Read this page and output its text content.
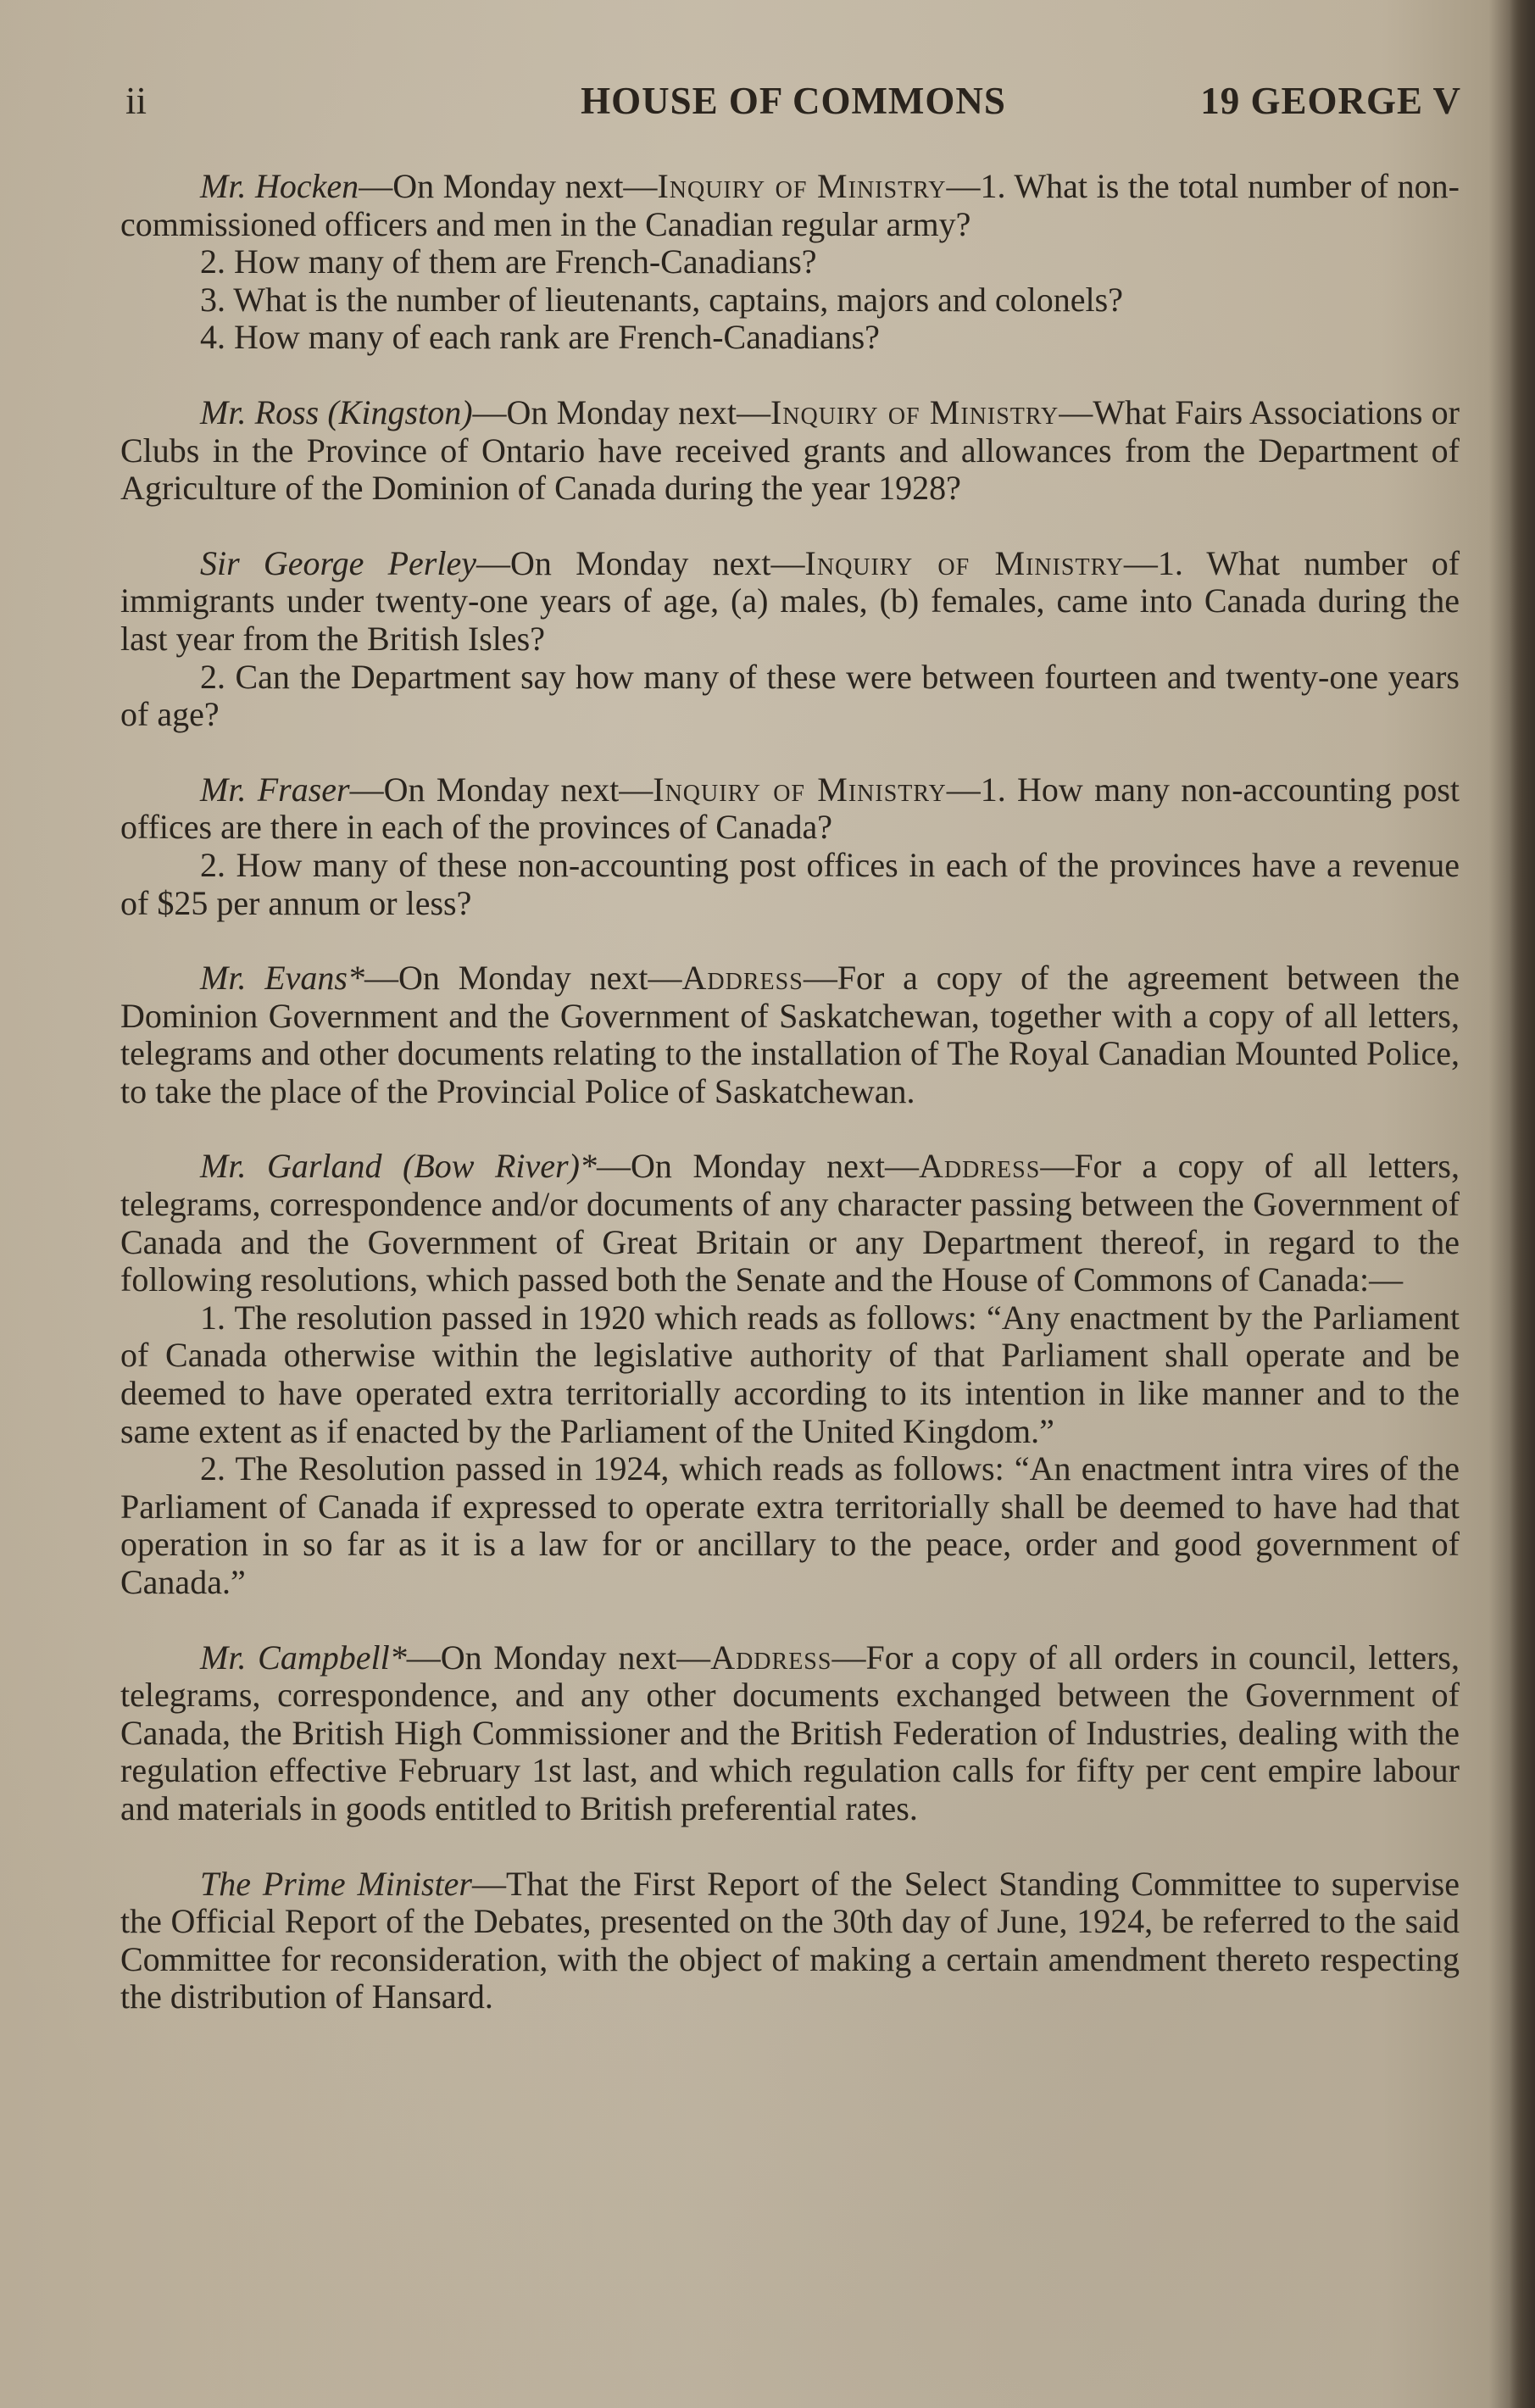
ii	HOUSE OF COMMONS	19 GEORGE V

Mr. Hocken—On Monday next—Inquiry of Ministry—1. What is the total number of non-commissioned officers and men in the Canadian regular army?

2. How many of them are French-Canadians?

3. What is the number of lieutenants, captains, majors and colonels?

4. How many of each rank are French-Canadians?

Mr. Ross (Kingston)—On Monday next—Inquiry of Ministry—What Fairs Associations or Clubs in the Province of Ontario have received grants and allowances from the Department of Agriculture of the Dominion of Canada during the year 1928?

Sir George Perley—On Monday next—Inquiry of Ministry—1. What number of immigrants under twenty-one years of age, (a) males, (b) females, came into Canada during the last year from the British Isles?

2. Can the Department say how many of these were between fourteen and twenty-one years of age?

Mr. Fraser—On Monday next—Inquiry of Ministry—1. How many non-accounting post offices are there in each of the provinces of Canada?

2. How many of these non-accounting post offices in each of the provinces have a revenue of $25 per annum or less?

Mr. Evans*—On Monday next—Address—For a copy of the agreement between the Dominion Government and the Government of Saskatchewan, together with a copy of all letters, telegrams and other documents relating to the installation of The Royal Canadian Mounted Police, to take the place of the Provincial Police of Saskatchewan.

Mr. Garland (Bow River)*—On Monday next—Address—For a copy of all letters, telegrams, correspondence and/or documents of any character passing between the Government of Canada and the Government of Great Britain or any Department thereof, in regard to the following resolutions, which passed both the Senate and the House of Commons of Canada:—

1. The resolution passed in 1920 which reads as follows: “Any enactment by the Parliament of Canada otherwise within the legislative authority of that Parliament shall operate and be deemed to have operated extra territorially according to its intention in like manner and to the same extent as if enacted by the Parliament of the United Kingdom.”

2. The Resolution passed in 1924, which reads as follows: “An enactment intra vires of the Parliament of Canada if expressed to operate extra territorially shall be deemed to have had that operation in so far as it is a law for or ancillary to the peace, order and good government of Canada.”

Mr. Campbell*—On Monday next—Address—For a copy of all orders in council, letters, telegrams, correspondence, and any other documents exchanged between the Government of Canada, the British High Commissioner and the British Federation of Industries, dealing with the regulation effective February 1st last, and which regulation calls for fifty per cent empire labour and materials in goods entitled to British preferential rates.

The Prime Minister—That the First Report of the Select Standing Committee to supervise the Official Report of the Debates, presented on the 30th day of June, 1924, be referred to the said Committee for reconsideration, with the object of making a certain amendment thereto respecting the distribution of Hansard.
